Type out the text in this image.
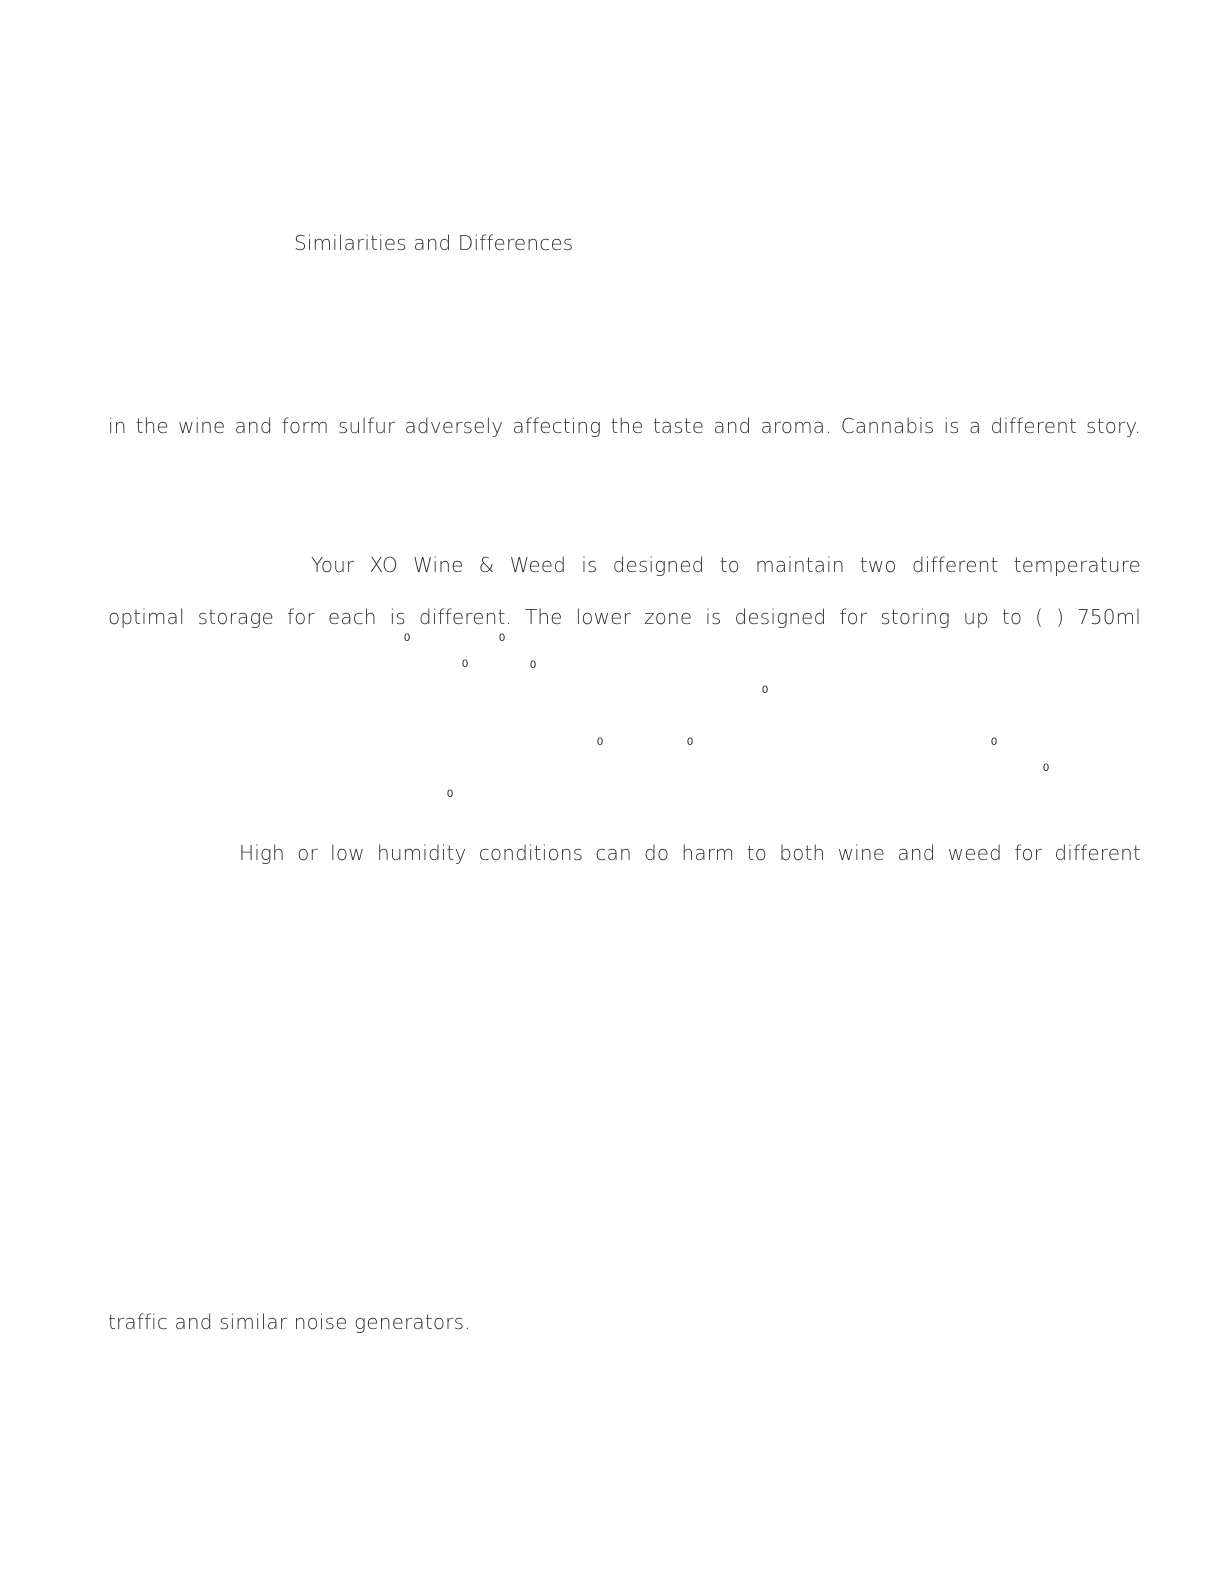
Similarities and Differences
in the wine and form sulfur adversely affecting the taste and aroma. Cannabis is a different story.
Your XO Wine & Weed is designed to maintain two different temperature
optimal storage for each is different. The lower zone is designed for storing up to ( ) 750ml
0	0
0	0
0
0	0	0
0
0
High or low humidity conditions can do harm to both wine and weed for different
traffic and similar noise generators.
